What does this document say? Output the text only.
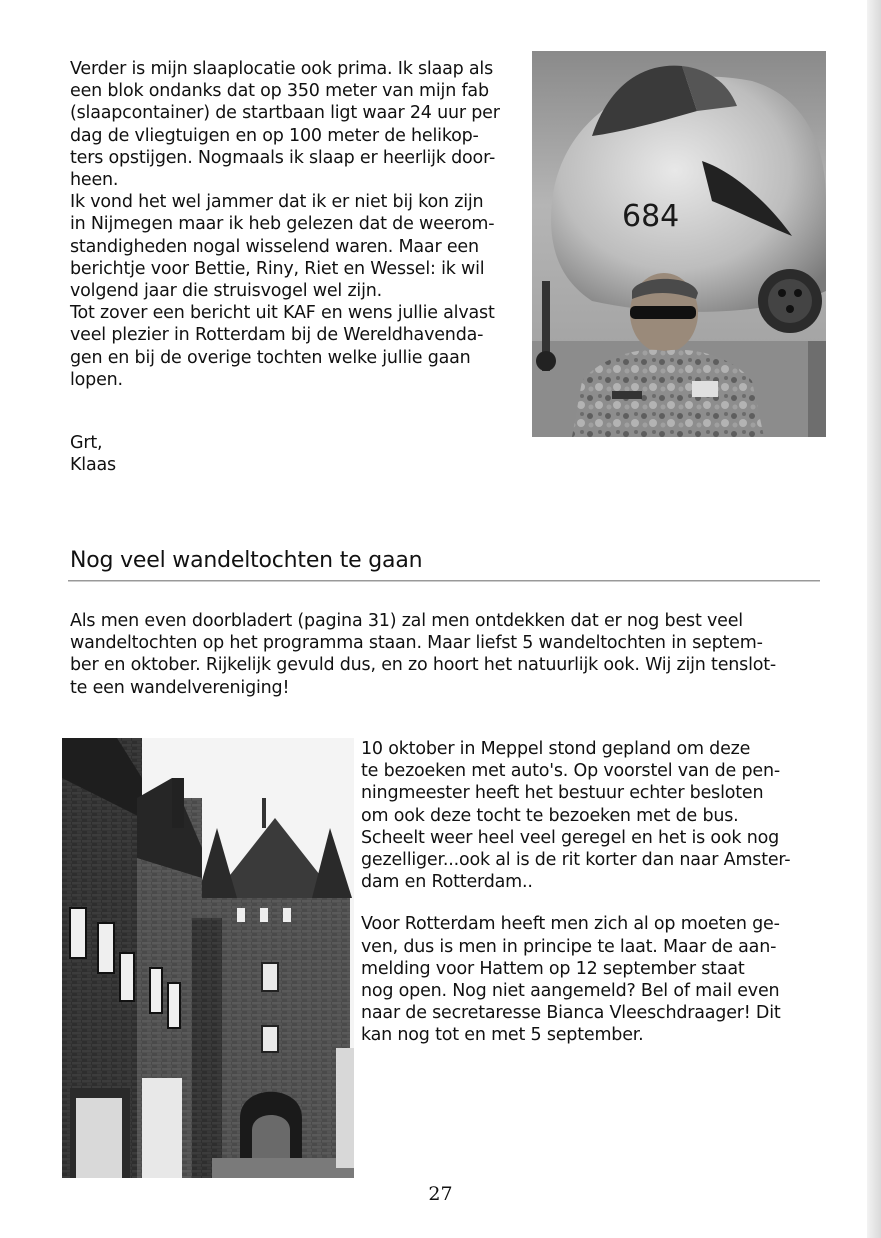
Verder is mijn slaaplocatie ook prima. Ik slaap als
een blok ondanks dat op 350 meter van mijn fab
(slaapcontainer) de startbaan ligt waar 24 uur per
dag de vliegtuigen en op 100 meter de helikop-
ters opstijgen. Nogmaals ik slaap er heerlijk door-
heen.
Ik vond het wel jammer dat ik er niet bij kon zijn
in Nijmegen maar ik heb gelezen dat de weerom-
standigheden nogal wisselend waren. Maar een
berichtje voor Bettie, Riny, Riet en Wessel: ik wil
volgend jaar die struisvogel wel zijn.
Tot zover een bericht uit KAF en wens jullie alvast
veel plezier in Rotterdam bij de Wereldhavenda-
gen en bij de overige tochten welke jullie gaan
lopen.
Grt,
Klaas
684
Nog veel wandeltochten te gaan
Als men even doorbladert (pagina 31) zal men ontdekken dat er nog best veel
wandeltochten op het programma staan. Maar liefst 5 wandeltochten in septem-
ber en oktober. Rijkelijk gevuld dus, en zo hoort het natuurlijk ook. Wij zijn tenslot-
te een wandelvereniging!

10 oktober in Meppel stond gepland om deze
te bezoeken met auto's. Op voorstel van de pen-
ningmeester heeft het bestuur echter besloten
om ook deze tocht te bezoeken met de bus.
Scheelt weer heel veel geregel en het is ook nog
gezelliger...ook al is de rit korter dan naar Amster-
dam en Rotterdam..

Voor Rotterdam heeft men zich al op moeten ge-
ven, dus is men in principe te laat. Maar de aan-
melding voor Hattem op 12 september staat
nog open. Nog niet aangemeld? Bel of mail even
naar de secretaresse Bianca Vleeschdraager! Dit
kan nog tot en met 5 september.

27
